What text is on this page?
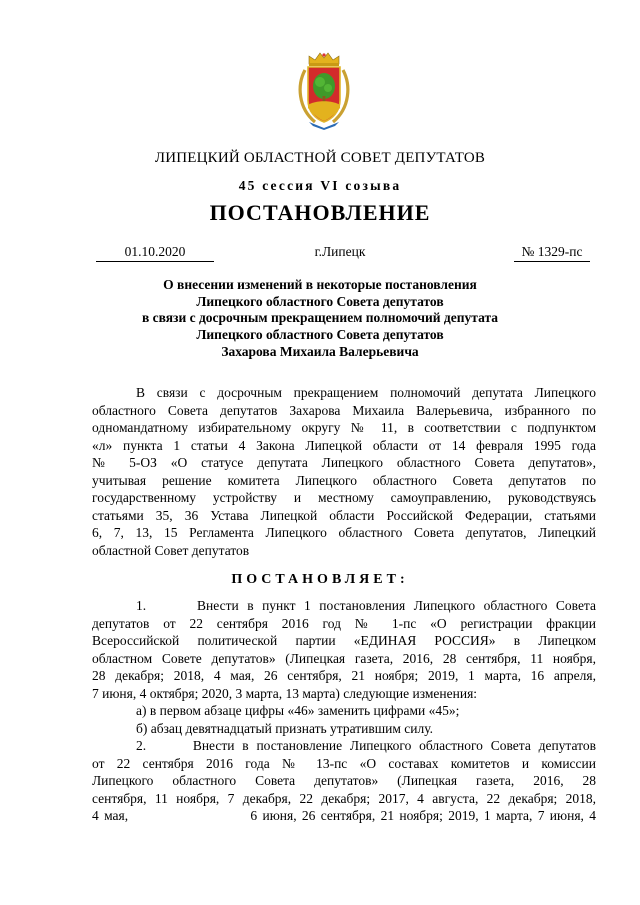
ЛИПЕЦКИЙ ОБЛАСТНОЙ СОВЕТ ДЕПУТАТОВ
45 сессия VI созыва
ПОСТАНОВЛЕНИЕ
01.10.2020	г.Липецк	№ 1329-пс
О внесении изменений в некоторые постановления
Липецкого областного Совета депутатов
в связи с досрочным прекращением полномочий депутата
Липецкого областного Совета депутатов
Захарова Михаила Валерьевича
В связи с досрочным прекращением полномочий депутата Липецкого
областного Совета депутатов Захарова Михаила Валерьевича, избранного по
одномандатному избирательному округу № 11, в соответствии с подпунктом
«л» пункта 1 статьи 4 Закона Липецкой области от 14 февраля 1995 года
№ 5-ОЗ «О статусе депутата Липецкого областного Совета депутатов»,
учитывая решение комитета Липецкого областного Совета депутатов по
государственному устройству и местному самоуправлению, руководствуясь
статьями 35, 36 Устава Липецкой области Российской Федерации, статьями
6, 7, 13, 15 Регламента Липецкого областного Совета депутатов, Липецкий
областной Совет депутатов
ПОСТАНОВЛЯЕТ:
1.      Внести в пункт 1 постановления Липецкого областного Совета
депутатов от 22 сентября 2016 год № 1-пс «О регистрации фракции
Всероссийской политической партии «ЕДИНАЯ РОССИЯ» в Липецком
областном Совете депутатов» (Липецкая газета, 2016, 28 сентября, 11 ноября,
28 декабря; 2018, 4 мая, 26 сентября, 21 ноября; 2019, 1 марта, 16 апреля,
7 июня, 4 октября; 2020, 3 марта, 13 марта) следующие изменения:
а) в первом абзаце цифры «46» заменить цифрами «45»;
б) абзац девятнадцатый признать утратившим силу.
2.      Внести в постановление Липецкого областного Совета депутатов
от 22 сентября 2016 года № 13-пс «О составах комитетов и комиссии
Липецкого областного Совета депутатов» (Липецкая газета, 2016, 28
сентября, 11 ноября, 7 декабря, 22 декабря; 2017, 4 августа, 22 декабря; 2018,
4 мая,                       6 июня, 26 сентября, 21 ноября; 2019, 1 марта, 7 июня, 4
